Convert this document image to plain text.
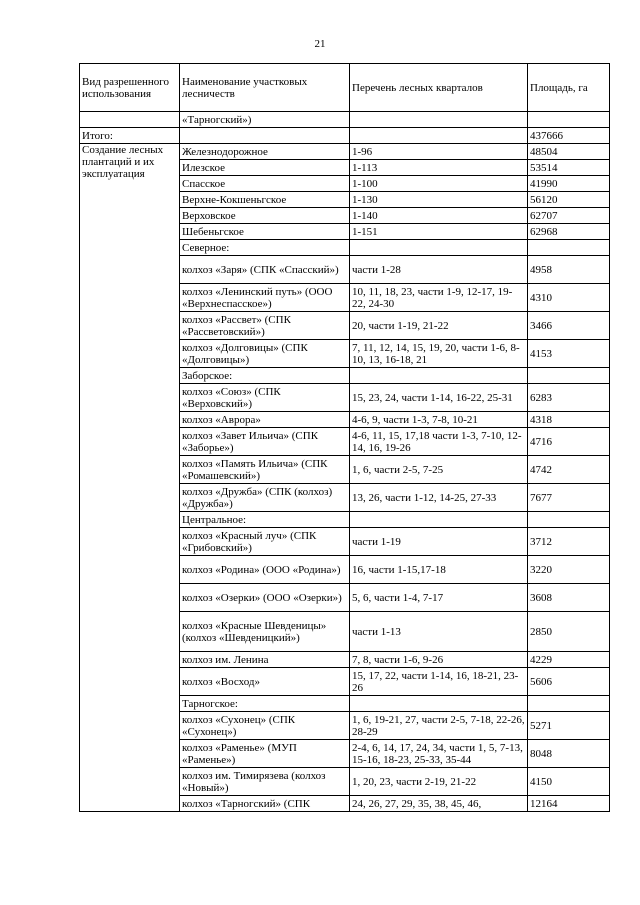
21
Вид разрешенного использования	Наименование участковых лесничеств	Перечень лесных кварталов	Площадь, га
	«Тарногский»)		
Итого:			437666
Создание лесных плантаций и их эксплуатация	Железнодорожное	1-96	48504
	Илезское	1-113	53514
	Спасское	1-100	41990
	Верхне-Кокшеньгское	1-130	56120
	Верховское	1-140	62707
	Шебеньгское	1-151	62968
	Северное:		
	колхоз «Заря» (СПК «Спасский»)	части 1-28	4958
	колхоз «Ленинский путь» (ООО «Верхнеспасское»)	10, 11, 18, 23, части 1-9, 12-17, 19-22, 24-30	4310
	колхоз «Рассвет» (СПК «Рассветовский»)	20, части 1-19, 21-22	3466
	колхоз «Долговицы» (СПК «Долговицы»)	7, 11, 12, 14, 15, 19, 20, части 1-6, 8-10, 13, 16-18, 21	4153
	Заборское:		
	колхоз «Союз» (СПК «Верховский»)	15, 23, 24, части 1-14, 16-22, 25-31	6283
	колхоз «Аврора»	4-6, 9, части 1-3, 7-8, 10-21	4318
	колхоз «Завет Ильича» (СПК «Заборье»)	4-6, 11, 15, 17,18 части 1-3, 7-10, 12-14, 16, 19-26	4716
	колхоз «Память Ильича» (СПК «Ромашевский»)	1, 6, части 2-5, 7-25	4742
	колхоз «Дружба» (СПК (колхоз) «Дружба»)	13, 26, части 1-12, 14-25, 27-33	7677
	Центральное:		
	колхоз «Красный луч» (СПК «Грибовский»)	части 1-19	3712
	колхоз «Родина» (ООО «Родина»)	16, части 1-15,17-18	3220
	колхоз «Озерки» (ООО «Озерки»)	5, 6, части 1-4, 7-17	3608
	колхоз «Красные Шевденицы» (колхоз «Шевденицкий»)	части 1-13	2850
	колхоз им. Ленина	7, 8, части 1-6, 9-26	4229
	колхоз «Восход»	15, 17, 22, части 1-14, 16, 18-21, 23-26	5606
	Тарногское:		
	колхоз «Сухонец» (СПК «Сухонец»)	1, 6, 19-21, 27, части 2-5, 7-18, 22-26, 28-29	5271
	колхоз «Раменье» (МУП «Раменье»)	2-4, 6, 14, 17, 24, 34, части 1, 5, 7-13, 15-16, 18-23, 25-33, 35-44	8048
	колхоз им. Тимирязева (колхоз «Новый»)	1, 20, 23, части 2-19, 21-22	4150
	колхоз «Тарногский» (СПК	24, 26, 27, 29, 35, 38, 45, 46,	12164
